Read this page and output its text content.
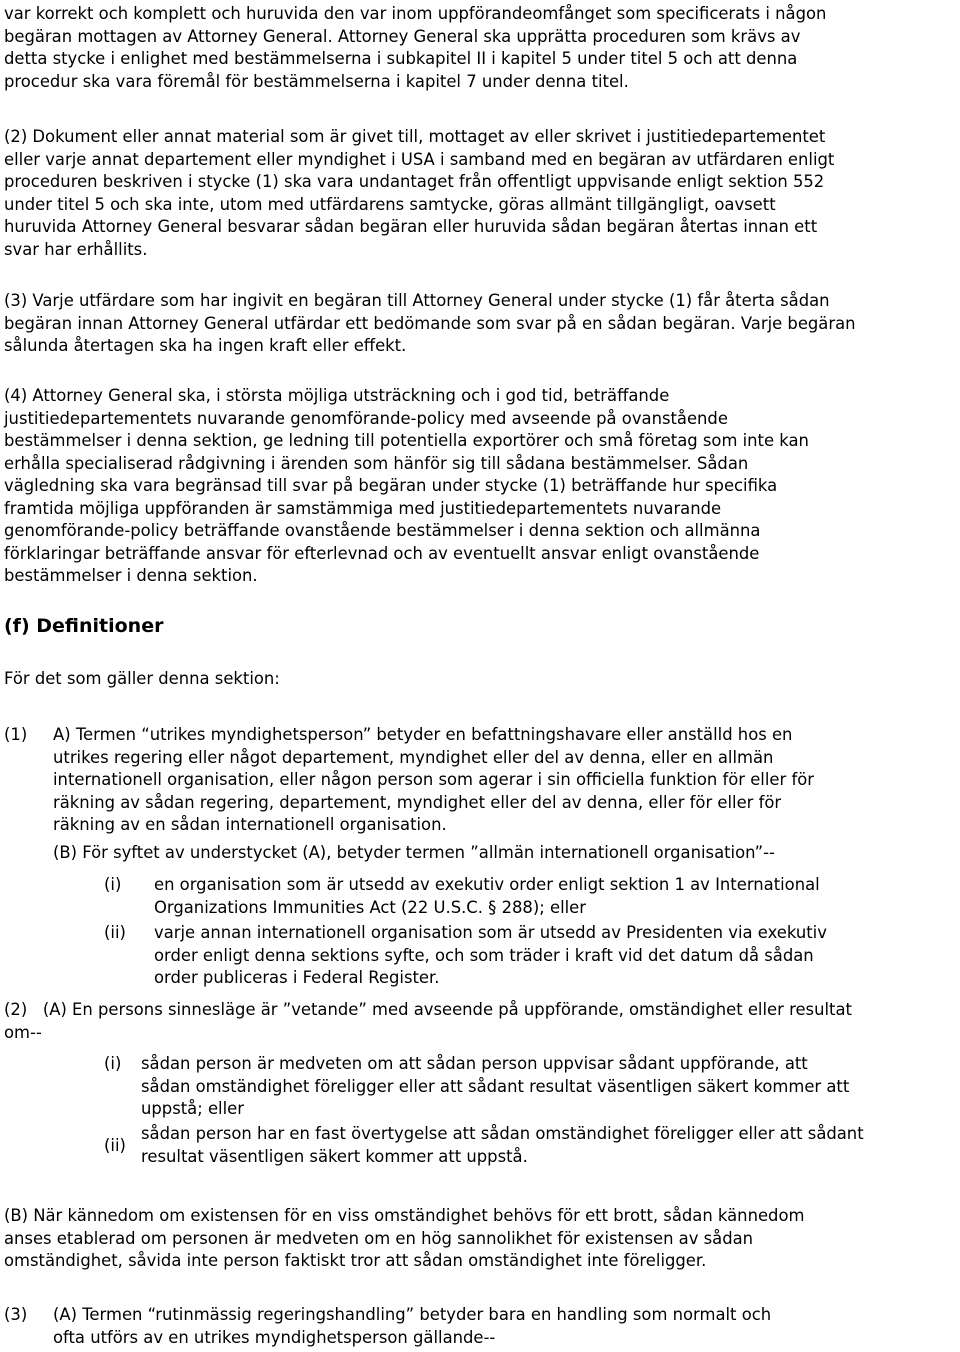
var korrekt och komplett och huruvida den var inom uppförandeomfånget som specificerats i någon
begäran mottagen av Attorney General. Attorney General ska upprätta proceduren som krävs av
detta stycke i enlighet med bestämmelserna i subkapitel II i kapitel 5 under titel 5 och att denna
procedur ska vara föremål för bestämmelserna i kapitel 7 under denna titel.
(2) Dokument eller annat material som är givet till, mottaget av eller skrivet i justitiedepartementet
eller varje annat departement eller myndighet i USA i samband med en begäran av utfärdaren enligt
proceduren beskriven i stycke (1) ska vara undantaget från offentligt uppvisande enligt sektion 552
under titel 5 och ska inte, utom med utfärdarens samtycke, göras allmänt tillgängligt, oavsett
huruvida Attorney General besvarar sådan begäran eller huruvida sådan begäran återtas innan ett
svar har erhållits.
(3) Varje utfärdare som har ingivit en begäran till Attorney General under stycke (1) får återta sådan
begäran innan Attorney General utfärdar ett bedömande som svar på en sådan begäran. Varje begäran
sålunda återtagen ska ha ingen kraft eller effekt.
(4) Attorney General ska, i största möjliga utsträckning och i god tid, beträffande
justitiedepartementets nuvarande genomförande-policy med avseende på ovanstående
bestämmelser i denna sektion, ge ledning till potentiella exportörer och små företag som inte kan
erhålla specialiserad rådgivning i ärenden som hänför sig till sådana bestämmelser. Sådan
vägledning ska vara begränsad till svar på begäran under stycke (1) beträffande hur specifika
framtida möjliga uppföranden är samstämmiga med justitiedepartementets nuvarande
genomförande-policy beträffande ovanstående bestämmelser i denna sektion och allmänna
förklaringar beträffande ansvar för efterlevnad och av eventuellt ansvar enligt ovanstående
bestämmelser i denna sektion.
(f) Definitioner
För det som gäller denna sektion:
(1) A) Termen “utrikes myndighetsperson” betyder en befattningshavare eller anställd hos en
utrikes regering eller något departement, myndighet eller del av denna, eller en allmän
internationell organisation, eller någon person som agerar i sin officiella funktion för eller för
räkning av sådan regering, departement, myndighet eller del av denna, eller för eller för
räkning av en sådan internationell organisation.
(B) För syftet av understycket (A), betyder termen ”allmän internationell organisation”--
(i) en organisation som är utsedd av exekutiv order enligt sektion 1 av International
Organizations Immunities Act (22 U.S.C. § 288); eller
(ii) varje annan internationell organisation som är utsedd av Presidenten via exekutiv
order enligt denna sektions syfte, och som träder i kraft vid det datum då sådan
order publiceras i Federal Register.
(2)   (A) En persons sinnesläge är ”vetande” med avseende på uppförande, omständighet eller resultat
om--
(i) sådan person är medveten om att sådan person uppvisar sådant uppförande, att
sådan omständighet föreligger eller att sådant resultat väsentligen säkert kommer att
uppstå; eller
(ii)
sådan person har en fast övertygelse att sådan omständighet föreligger eller att sådant
resultat väsentligen säkert kommer att uppstå.
(B) När kännedom om existensen för en viss omständighet behövs för ett brott, sådan kännedom
anses etablerad om personen är medveten om en hög sannolikhet för existensen av sådan
omständighet, såvida inte person faktiskt tror att sådan omständighet inte föreligger.
(3) (A) Termen “rutinmässig regeringshandling” betyder bara en handling som normalt och
ofta utförs av en utrikes myndighetsperson gällande--
